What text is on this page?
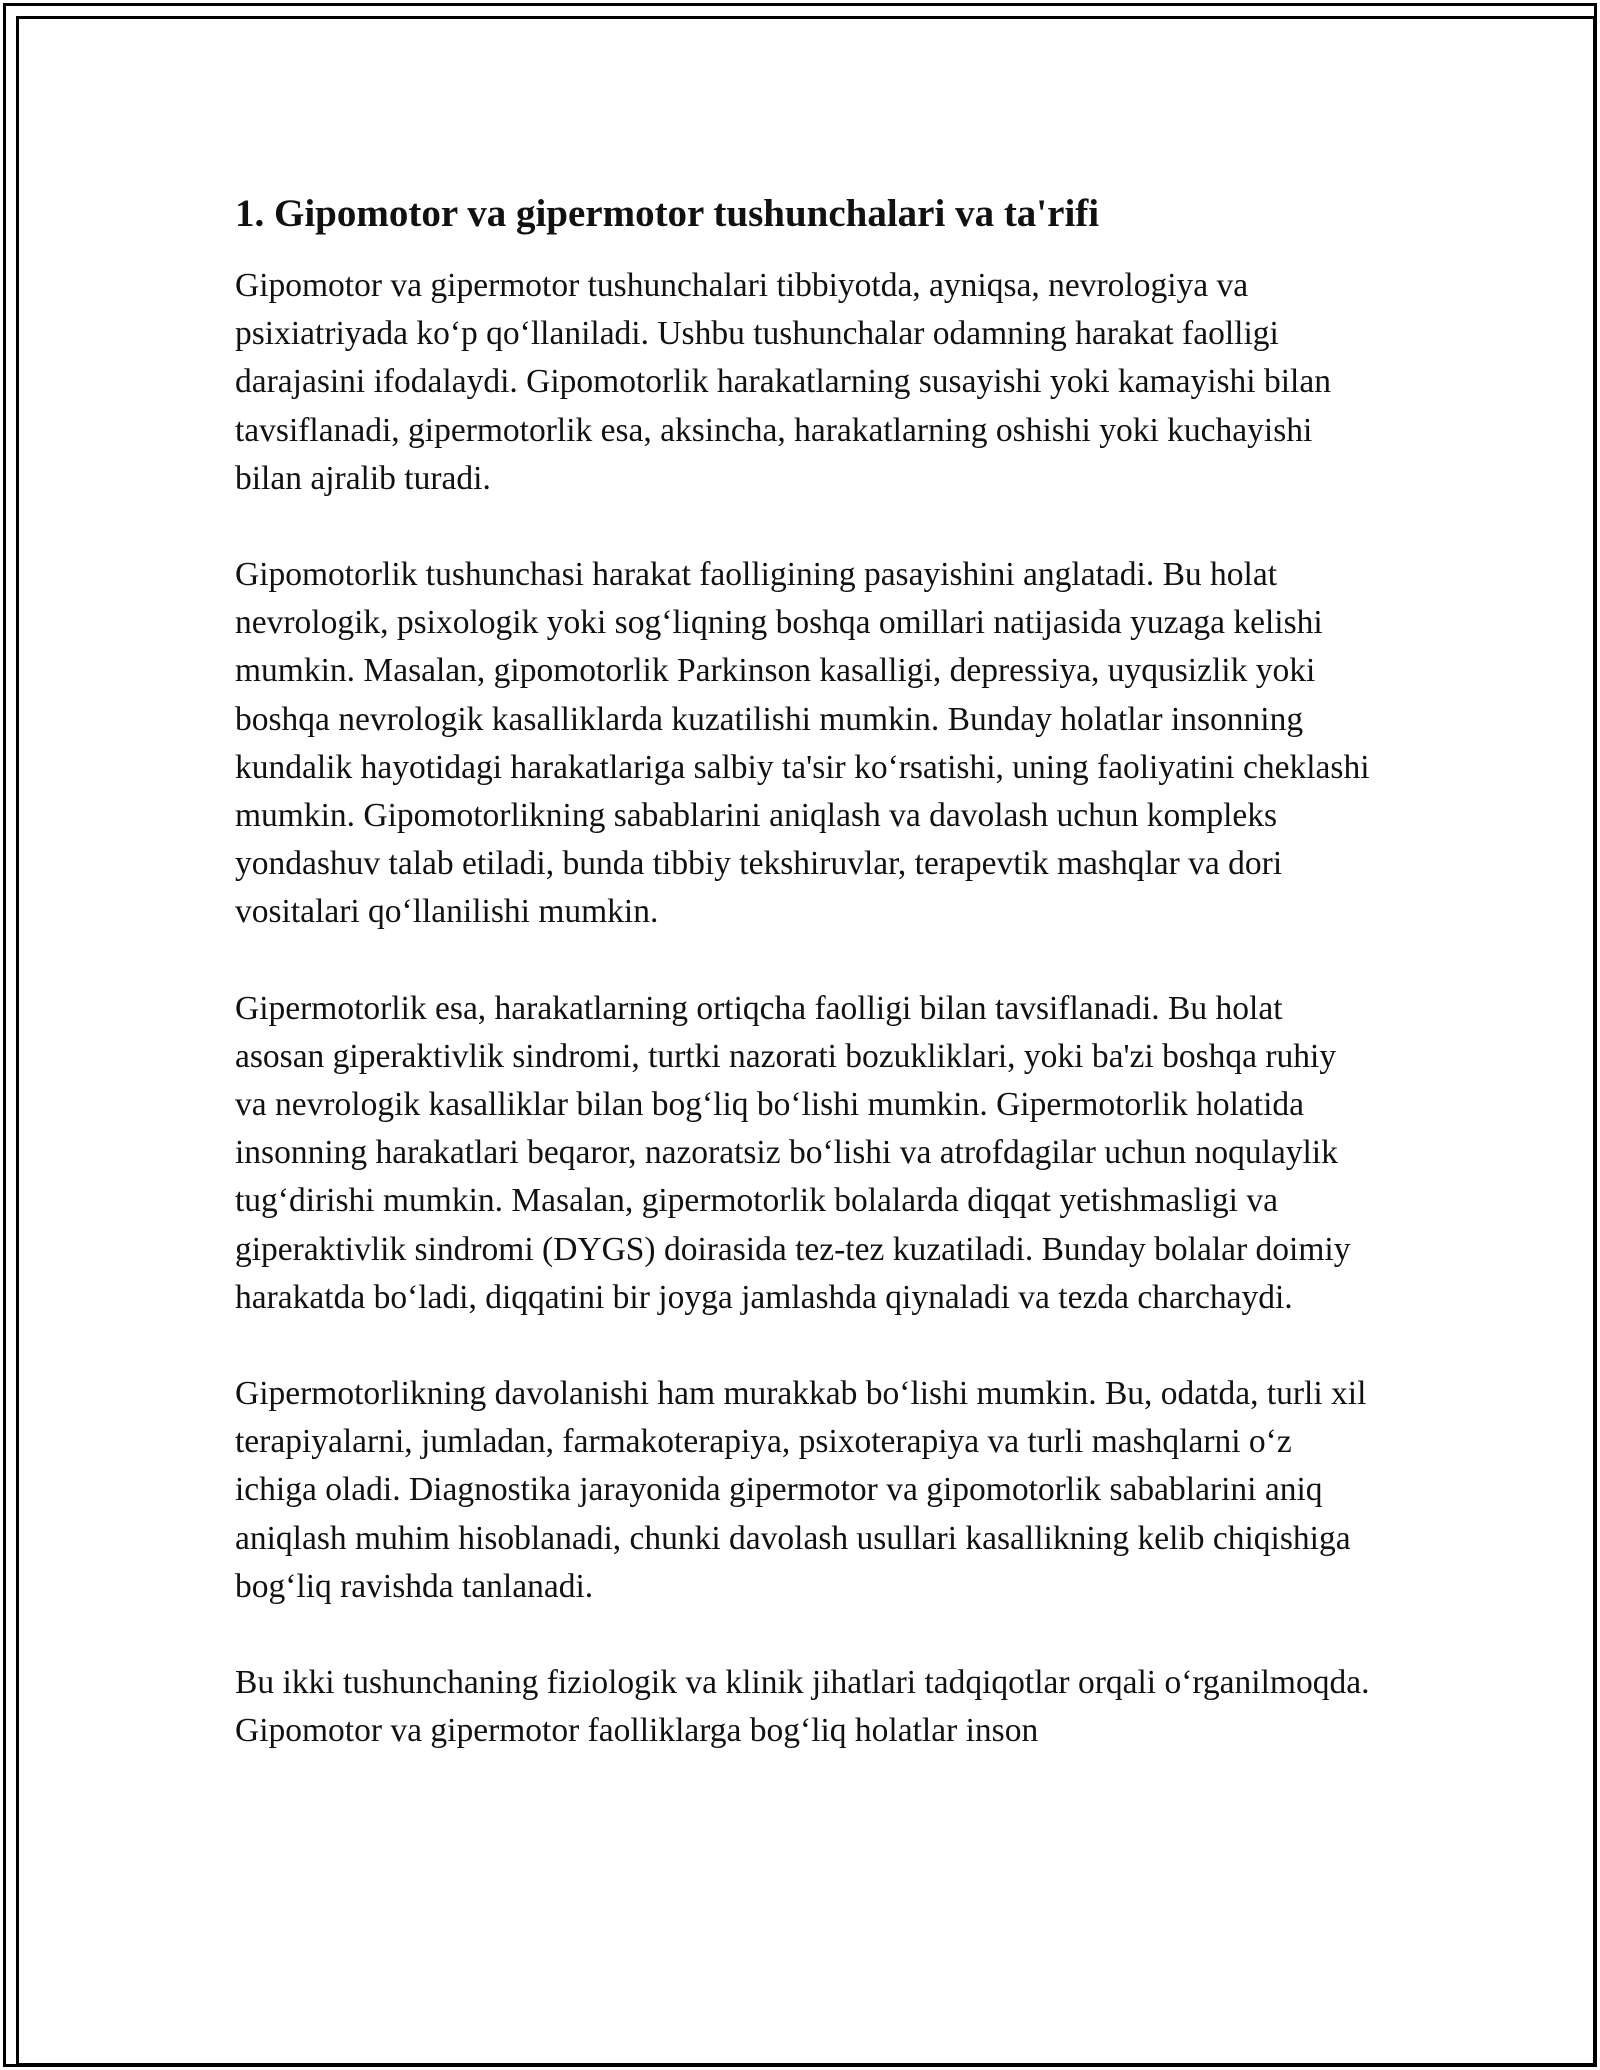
1. Gipomotor va gipermotor tushunchalari va ta'rifi

Gipomotor va gipermotor tushunchalari tibbiyotda, ayniqsa, nevrologiya va psixiatriyada ko‘p qo‘llaniladi. Ushbu tushunchalar odamning harakat faolligi darajasini ifodalaydi. Gipomotorlik harakatlarning susayishi yoki kamayishi bilan tavsiflanadi, gipermotorlik esa, aksincha, harakatlarning oshishi yoki kuchayishi bilan ajralib turadi.

Gipomotorlik tushunchasi harakat faolligining pasayishini anglatadi. Bu holat nevrologik, psixologik yoki sog‘liqning boshqa omillari natijasida yuzaga kelishi mumkin. Masalan, gipomotorlik Parkinson kasalligi, depressiya, uyqusizlik yoki boshqa nevrologik kasalliklarda kuzatilishi mumkin. Bunday holatlar insonning kundalik hayotidagi harakatlariga salbiy ta'sir ko‘rsatishi, uning faoliyatini cheklashi mumkin. Gipomotorlikning sabablarini aniqlash va davolash uchun kompleks yondashuv talab etiladi, bunda tibbiy tekshiruvlar, terapevtik mashqlar va dori vositalari qo‘llanilishi mumkin.

Gipermotorlik esa, harakatlarning ortiqcha faolligi bilan tavsiflanadi. Bu holat asosan giperaktivlik sindromi, turtki nazorati bozukliklari, yoki ba'zi boshqa ruhiy va nevrologik kasalliklar bilan bog‘liq bo‘lishi mumkin. Gipermotorlik holatida insonning harakatlari beqaror, nazoratsiz bo‘lishi va atrofdagilar uchun noqulaylik tug‘dirishi mumkin. Masalan, gipermotorlik bolalarda diqqat yetishmasligi va giperaktivlik sindromi (DYGS) doirasida tez-tez kuzatiladi. Bunday bolalar doimiy harakatda bo‘ladi, diqqatini bir joyga jamlashda qiynaladi va tezda charchaydi.

Gipermotorlikning davolanishi ham murakkab bo‘lishi mumkin. Bu, odatda, turli xil terapiyalarni, jumladan, farmakoterapiya, psixoterapiya va turli mashqlarni o‘z ichiga oladi. Diagnostika jarayonida gipermotor va gipomotorlik sabablarini aniq aniqlash muhim hisoblanadi, chunki davolash usullari kasallikning kelib chiqishiga bog‘liq ravishda tanlanadi.

Bu ikki tushunchaning fiziologik va klinik jihatlari tadqiqotlar orqali o‘rganilmoqda. Gipomotor va gipermotor faolliklarga bog‘liq holatlar inson
